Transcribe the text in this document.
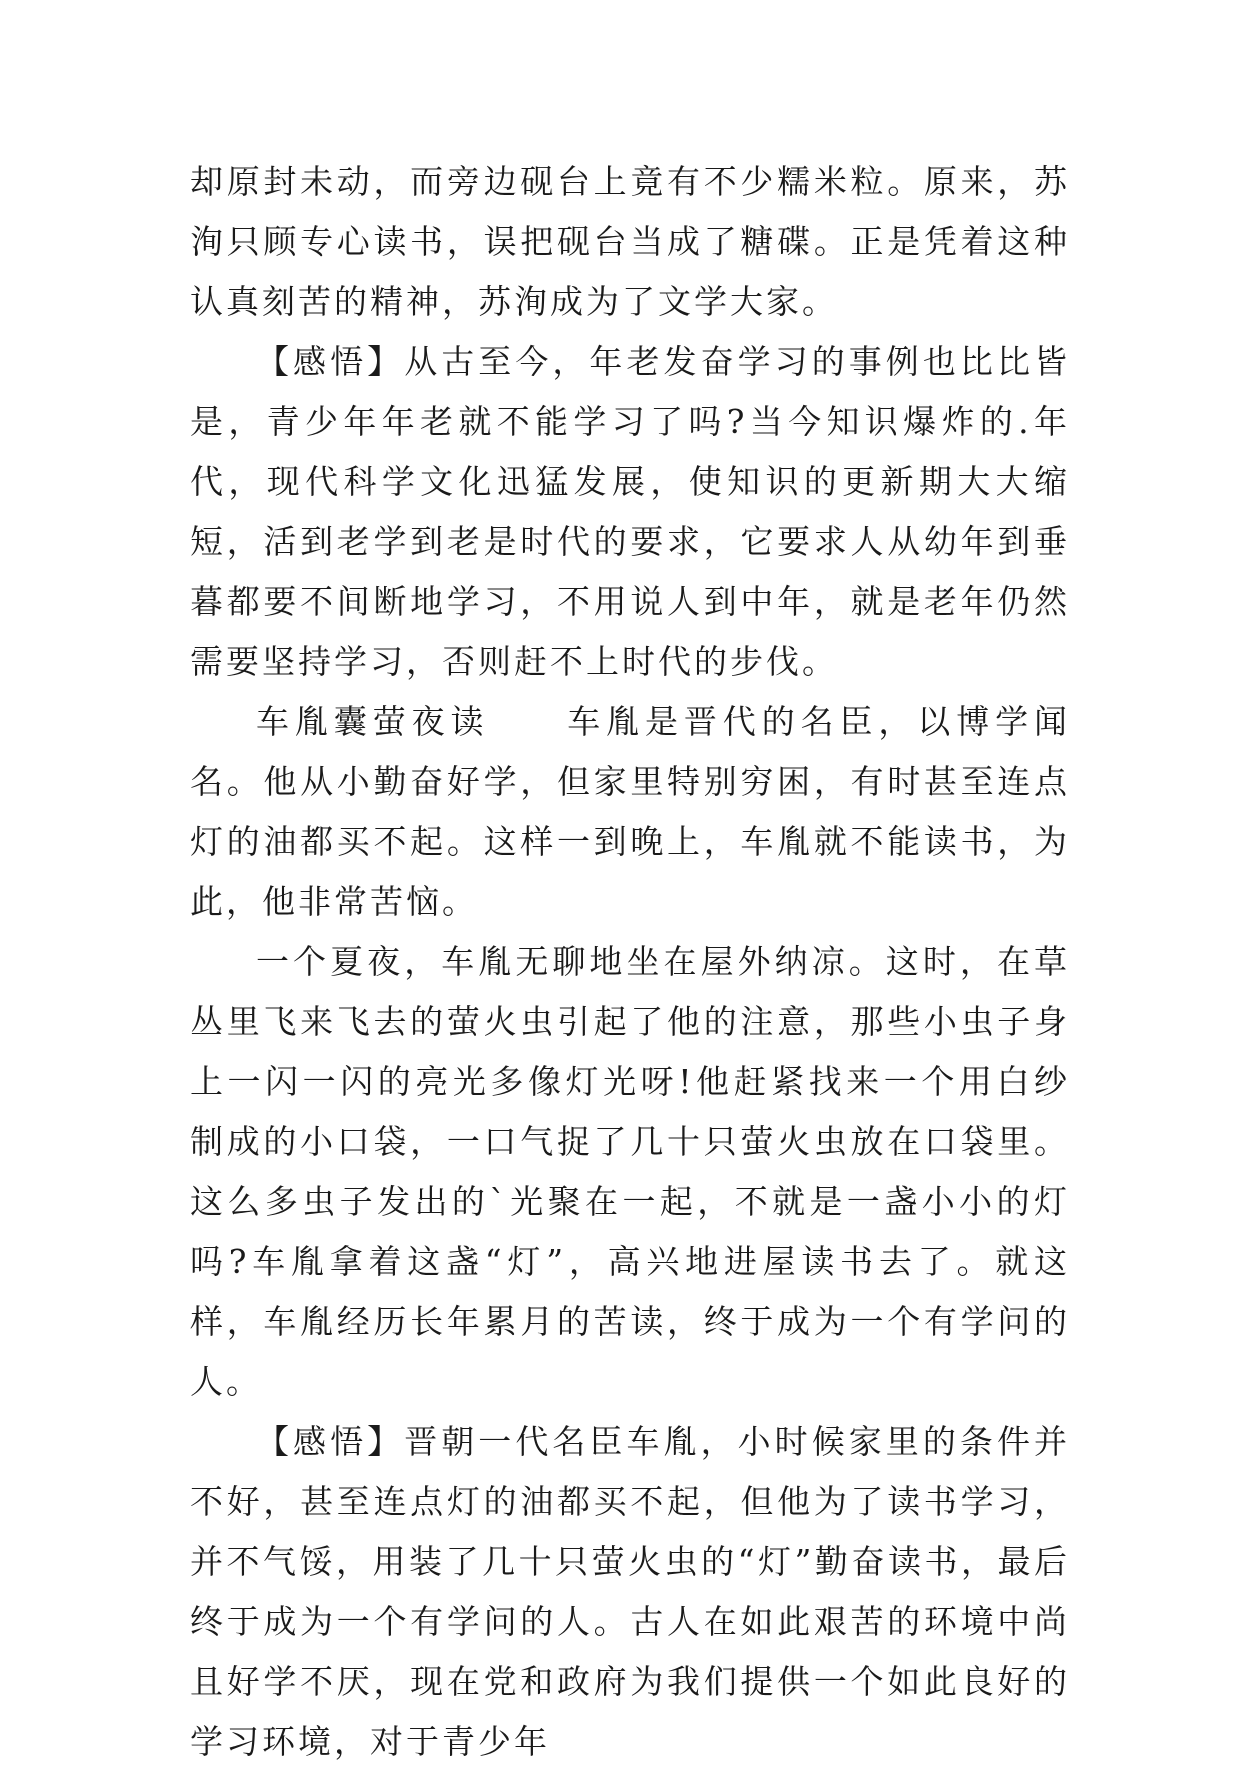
却原封未动，而旁边砚台上竟有不少糯米粒。原来，苏洵只顾专心读书，误把砚台当成了糖碟。正是凭着这种认真刻苦的精神，苏洵成为了文学大家。

【感悟】从古至今，年老发奋学习的事例也比比皆是，青少年年老就不能学习了吗?当今知识爆炸的.年代，现代科学文化迅猛发展，使知识的更新期大大缩短，活到老学到老是时代的要求，它要求人从幼年到垂暮都要不间断地学习，不用说人到中年，就是老年仍然需要坚持学习，否则赶不上时代的步伐。

车胤囊萤夜读　　车胤是晋代的名臣，以博学闻名。他从小勤奋好学，但家里特别穷困，有时甚至连点灯的油都买不起。这样一到晚上，车胤就不能读书，为此，他非常苦恼。

一个夏夜，车胤无聊地坐在屋外纳凉。这时，在草丛里飞来飞去的萤火虫引起了他的注意，那些小虫子身上一闪一闪的亮光多像灯光呀!他赶紧找来一个用白纱制成的小口袋，一口气捉了几十只萤火虫放在口袋里。这么多虫子发出的`光聚在一起，不就是一盏小小的灯吗?车胤拿着这盏“灯”，高兴地进屋读书去了。就这样，车胤经历长年累月的苦读，终于成为一个有学问的人。

【感悟】晋朝一代名臣车胤，小时候家里的条件并不好，甚至连点灯的油都买不起，但他为了读书学习，并不气馁，用装了几十只萤火虫的“灯”勤奋读书，最后终于成为一个有学问的人。古人在如此艰苦的环境中尚且好学不厌，现在党和政府为我们提供一个如此良好的学习环境，对于青少年
